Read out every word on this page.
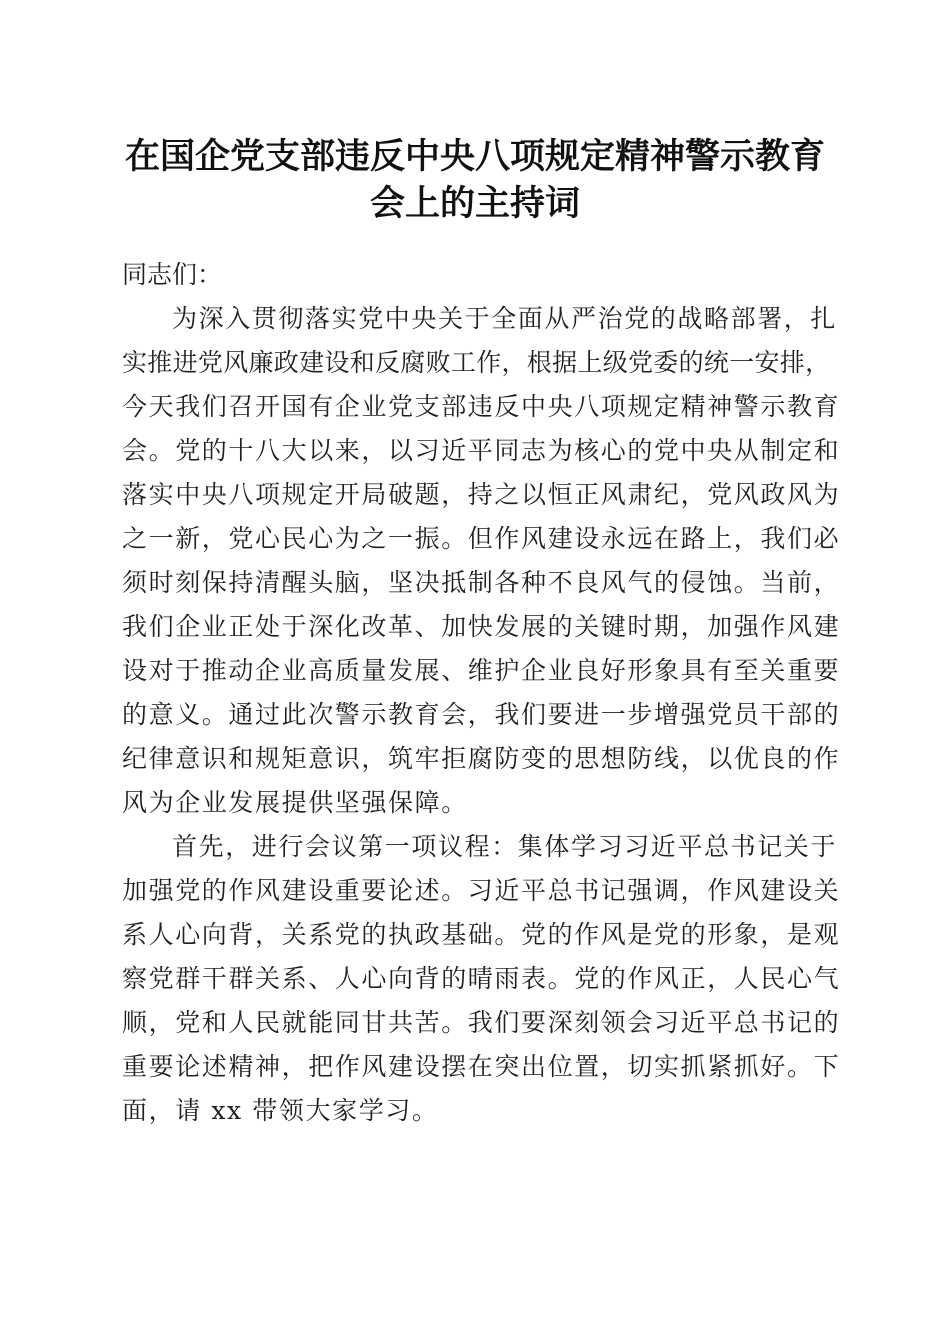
在国企党支部违反中央八项规定精神警示教育
会上的主持词

同志们：

为深入贯彻落实党中央关于全面从严治党的战略部署，扎
实推进党风廉政建设和反腐败工作，根据上级党委的统一安排，
今天我们召开国有企业党支部违反中央八项规定精神警示教育
会。党的十八大以来，以习近平同志为核心的党中央从制定和
落实中央八项规定开局破题，持之以恒正风肃纪，党风政风为
之一新，党心民心为之一振。但作风建设永远在路上，我们必
须时刻保持清醒头脑，坚决抵制各种不良风气的侵蚀。当前，
我们企业正处于深化改革、加快发展的关键时期，加强作风建
设对于推动企业高质量发展、维护企业良好形象具有至关重要
的意义。通过此次警示教育会，我们要进一步增强党员干部的
纪律意识和规矩意识，筑牢拒腐防变的思想防线，以优良的作
风为企业发展提供坚强保障。

首先，进行会议第一项议程：集体学习习近平总书记关于
加强党的作风建设重要论述。习近平总书记强调，作风建设关
系人心向背，关系党的执政基础。党的作风是党的形象，是观
察党群干群关系、人心向背的晴雨表。党的作风正，人民心气
顺，党和人民就能同甘共苦。我们要深刻领会习近平总书记的
重要论述精神，把作风建设摆在突出位置，切实抓紧抓好。下
面，请 xx 带领大家学习。
